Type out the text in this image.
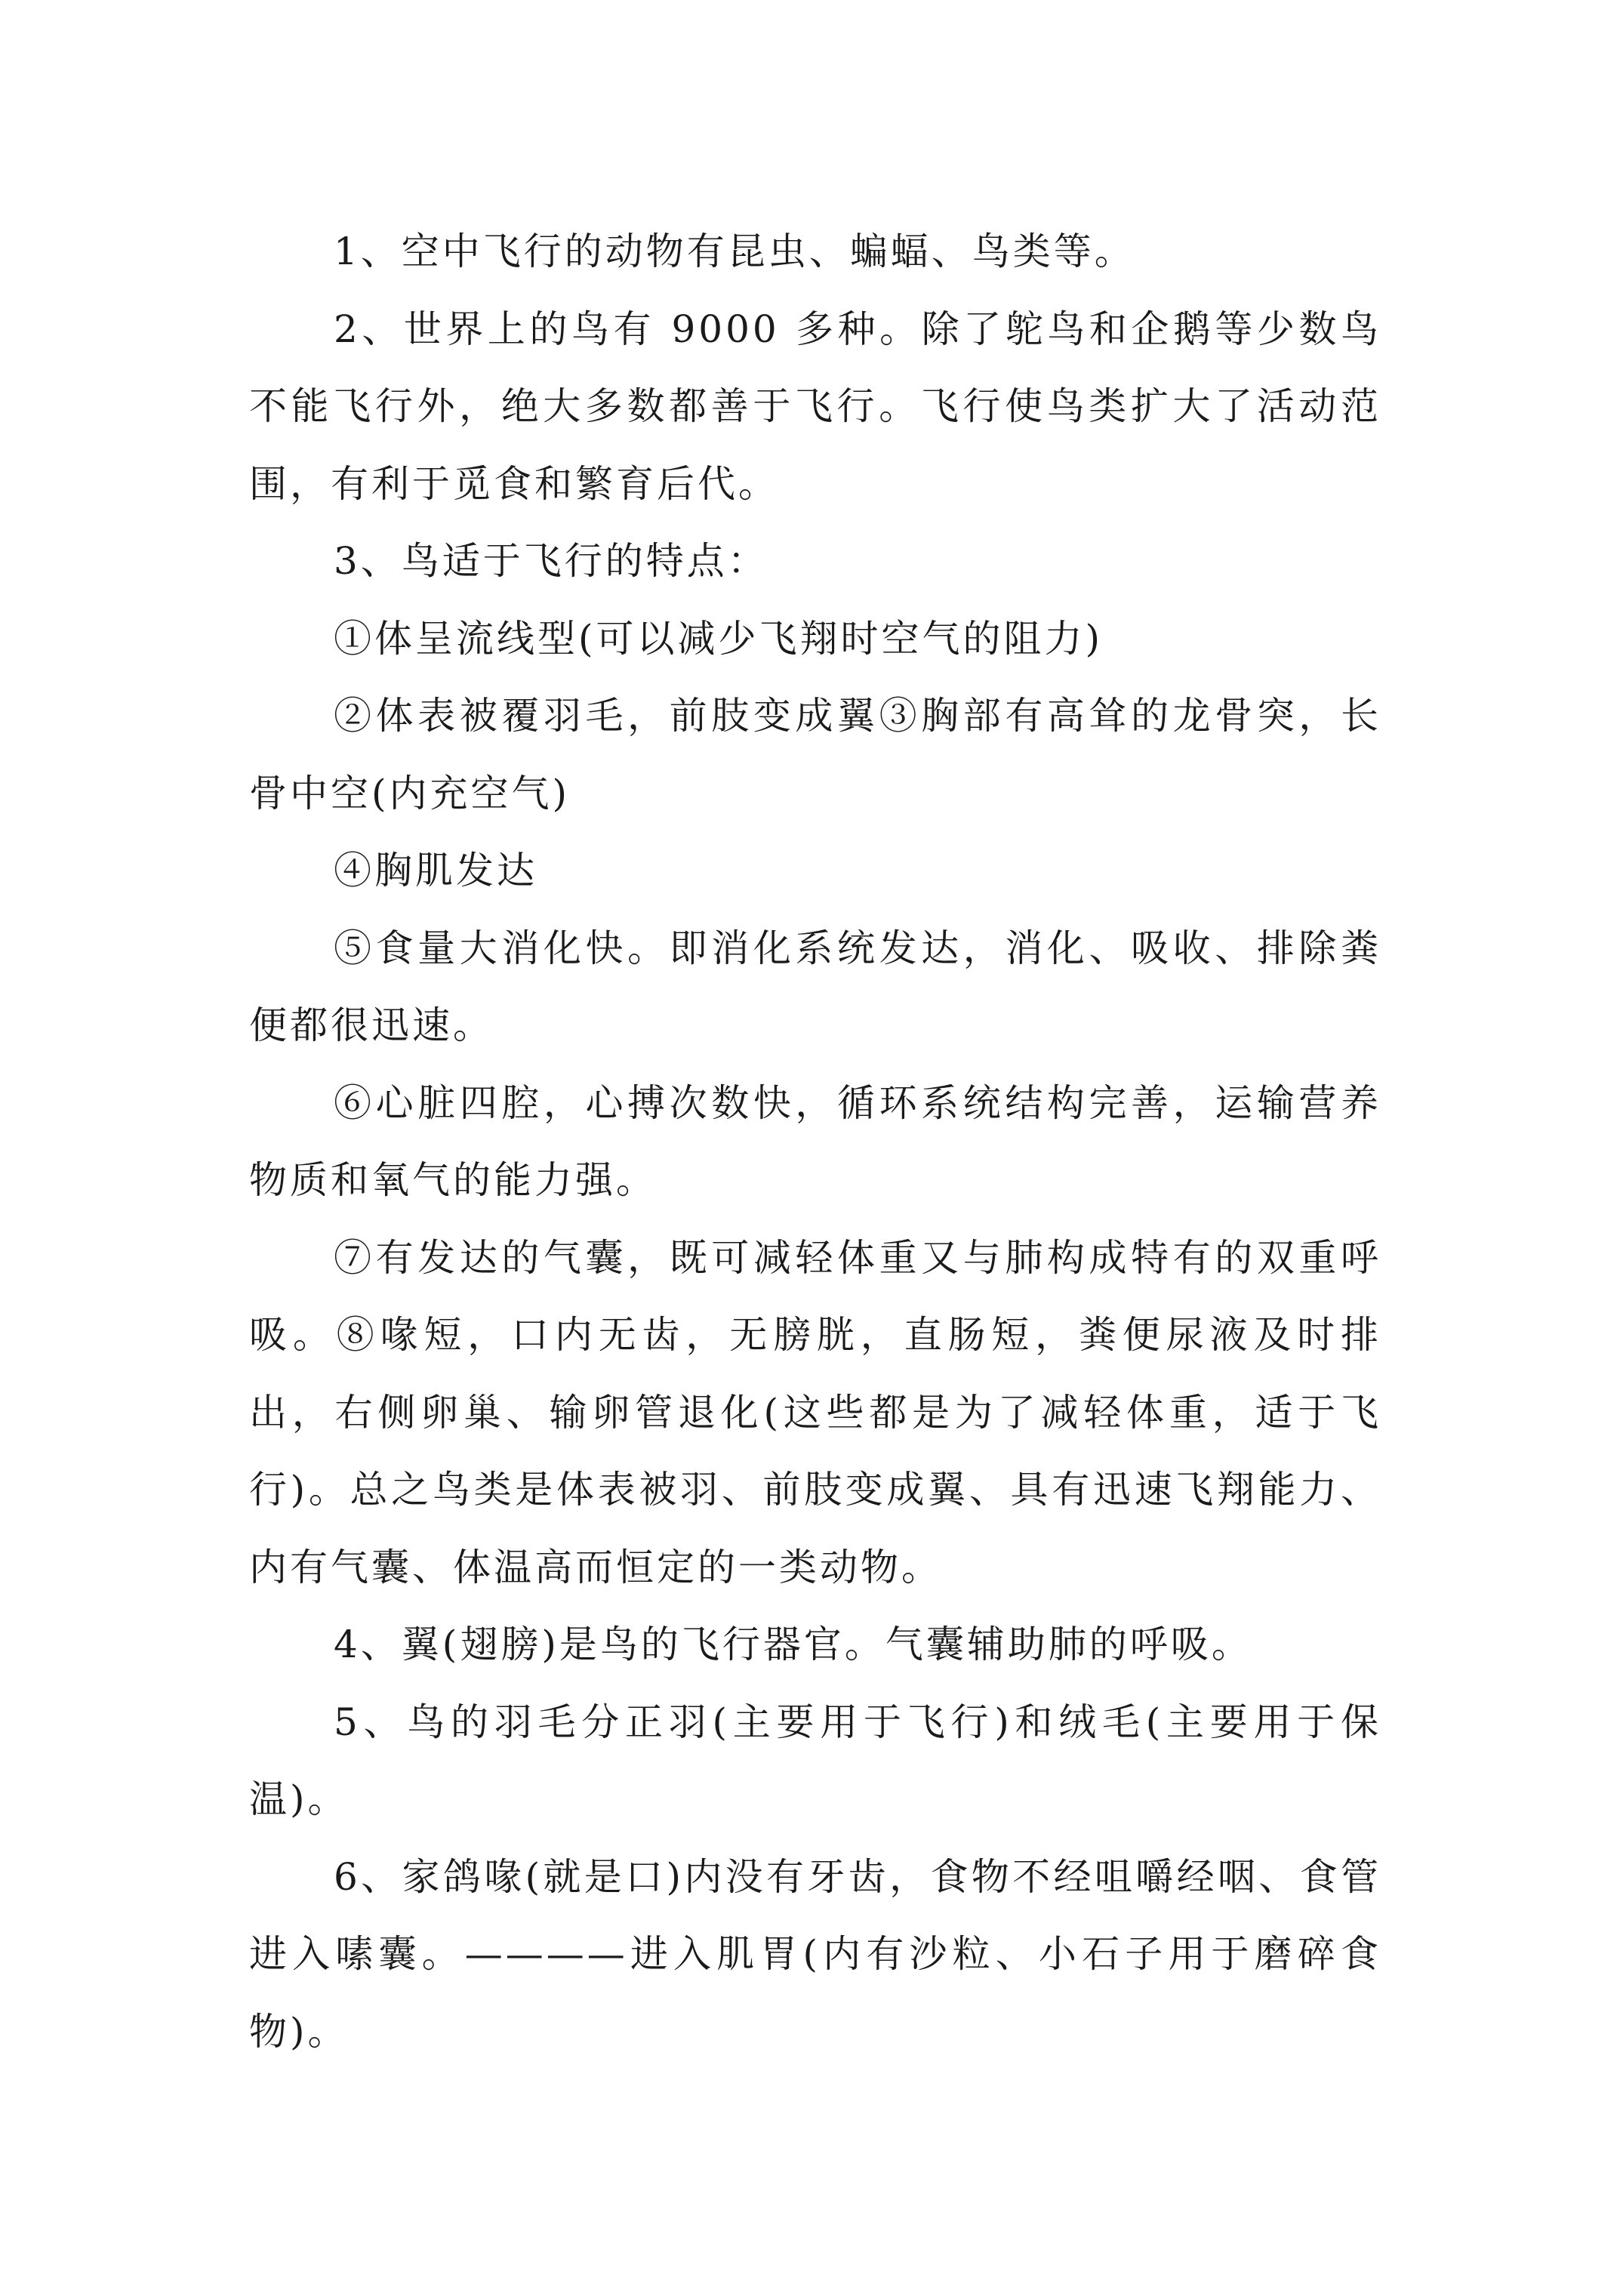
1、空中飞行的动物有昆虫、蝙蝠、鸟类等。

2、世界上的鸟有 9000 多种。除了鸵鸟和企鹅等少数鸟不能飞行外，绝大多数都善于飞行。飞行使鸟类扩大了活动范围，有利于觅食和繁育后代。

3、鸟适于飞行的特点：

①体呈流线型(可以减少飞翔时空气的阻力)

②体表被覆羽毛，前肢变成翼③胸部有高耸的龙骨突，长骨中空(内充空气)

④胸肌发达

⑤食量大消化快。即消化系统发达，消化、吸收、排除粪便都很迅速。

⑥心脏四腔，心搏次数快，循环系统结构完善，运输营养物质和氧气的能力强。

⑦有发达的气囊，既可减轻体重又与肺构成特有的双重呼吸。⑧喙短，口内无齿，无膀胱，直肠短，粪便尿液及时排出，右侧卵巢、输卵管退化(这些都是为了减轻体重，适于飞行)。总之鸟类是体表被羽、前肢变成翼、具有迅速飞翔能力、内有气囊、体温高而恒定的一类动物。

4、翼(翅膀)是鸟的飞行器官。气囊辅助肺的呼吸。

5、鸟的羽毛分正羽(主要用于飞行)和绒毛(主要用于保温)。

6、家鸽喙(就是口)内没有牙齿，食物不经咀嚼经咽、食管进入嗉囊。————进入肌胃(内有沙粒、小石子用于磨碎食物)。
